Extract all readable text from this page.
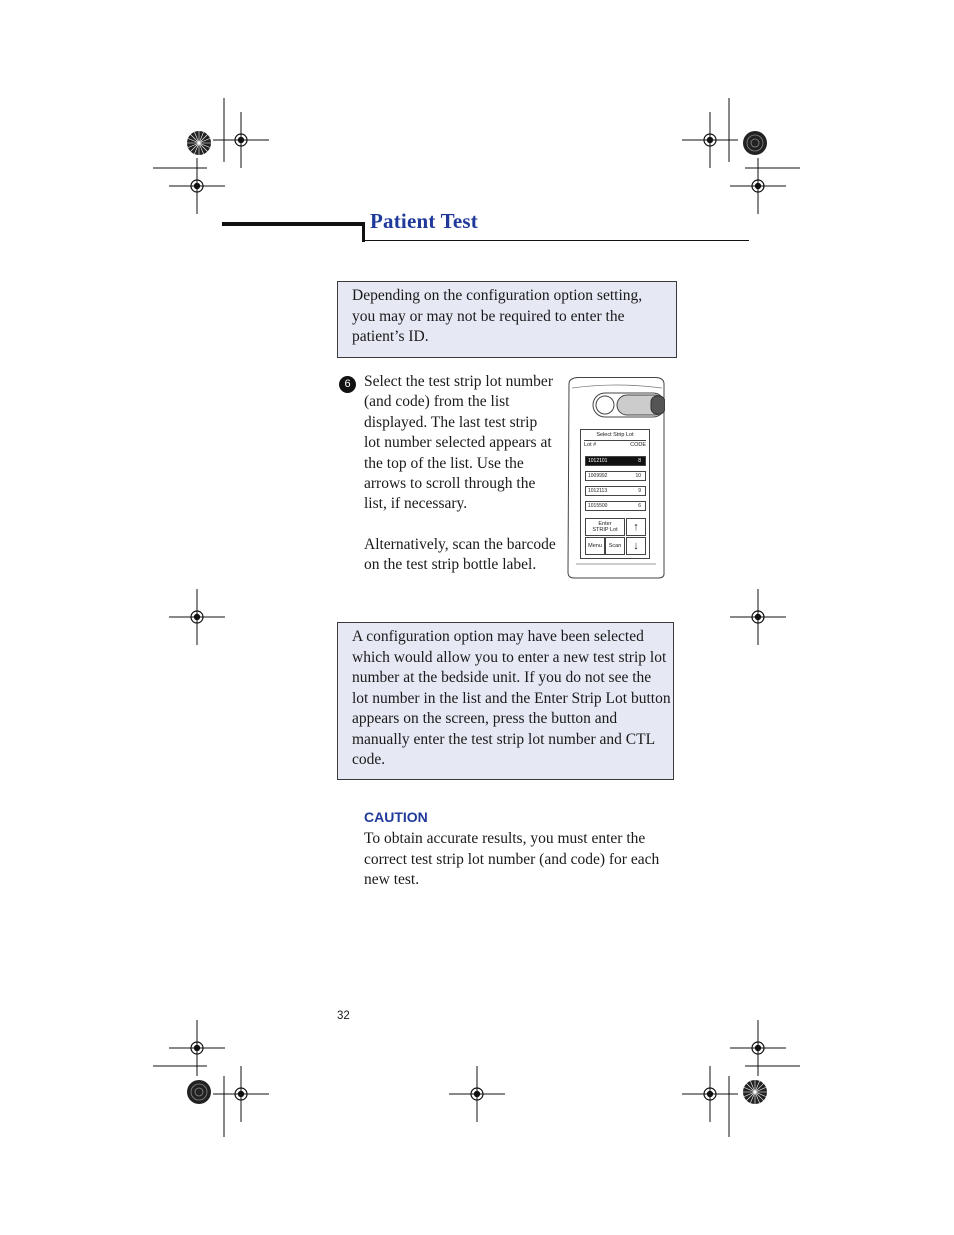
Patient Test
Depending on the configuration option setting, you may or may not be required to enter the patient’s ID.
6 Select the test strip lot number (and code) from the list displayed. The last test strip lot number selected appears at the top of the list. Use the arrows to scroll through the list, if necessary.

Alternatively, scan the barcode on the test strip bottle label.

Select Strip Lot
Lot #	CODE
1012101	8
1009992	10
1012113	9
1015500	6
Enter
STRIP Lot	↑
Menu	Scan	↓
A configuration option may have been selected which would allow you to enter a new test strip lot number at the bedside unit. If you do not see the lot number in the list and the Enter Strip Lot button appears on the screen, press the button and manually enter the test strip lot number and CTL code.
CAUTION
To obtain accurate results, you must enter the correct test strip lot number (and code) for each new test.
32
